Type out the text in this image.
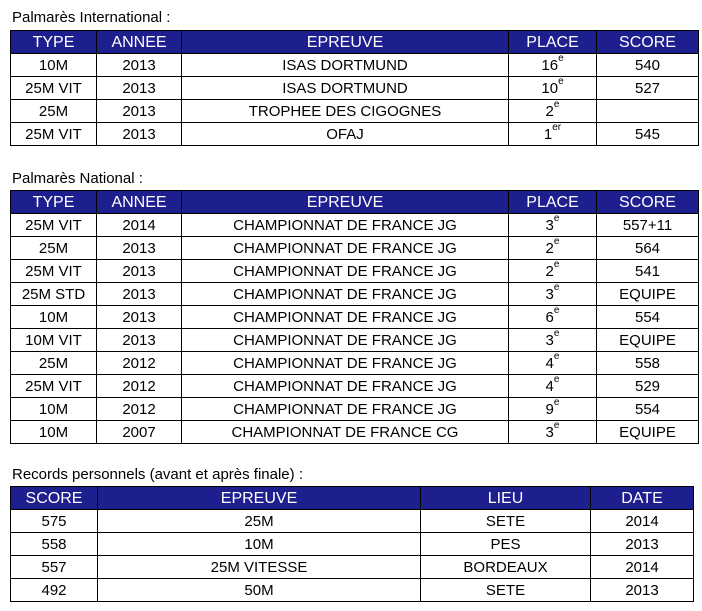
Palmarès International :
TYPE	ANNEE	EPREUVE	PLACE	SCORE
10M	2013	ISAS DORTMUND	16e	540
25M VIT	2013	ISAS DORTMUND	10e	527
25M	2013	TROPHEE DES CIGOGNES	2e	
25M VIT	2013	OFAJ	1er	545
Palmarès National :
TYPE	ANNEE	EPREUVE	PLACE	SCORE
25M VIT	2014	CHAMPIONNAT DE FRANCE JG	3e	557+11
25M	2013	CHAMPIONNAT DE FRANCE JG	2e	564
25M VIT	2013	CHAMPIONNAT DE FRANCE JG	2e	541
25M STD	2013	CHAMPIONNAT DE FRANCE JG	3e	EQUIPE
10M	2013	CHAMPIONNAT DE FRANCE JG	6e	554
10M VIT	2013	CHAMPIONNAT DE FRANCE JG	3e	EQUIPE
25M	2012	CHAMPIONNAT DE FRANCE JG	4e	558
25M VIT	2012	CHAMPIONNAT DE FRANCE JG	4e	529
10M	2012	CHAMPIONNAT DE FRANCE JG	9e	554
10M	2007	CHAMPIONNAT DE FRANCE CG	3e	EQUIPE
Records personnels (avant et après finale) :
SCORE	EPREUVE	LIEU	DATE
575	25M	SETE	2014
558	10M	PES	2013
557	25M VITESSE	BORDEAUX	2014
492	50M	SETE	2013
